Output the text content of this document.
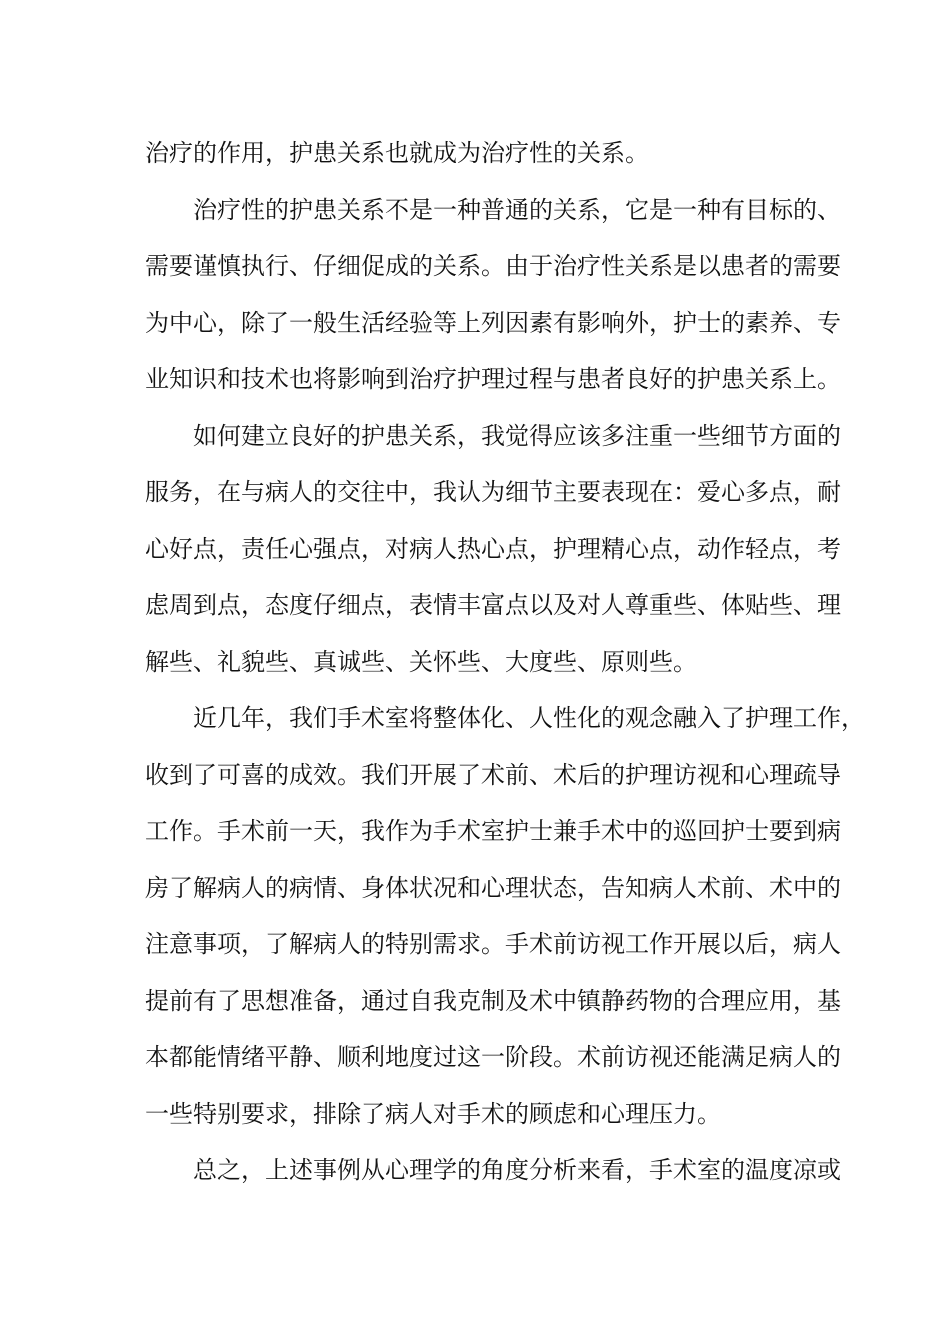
治疗的作用，护患关系也就成为治疗性的关系。
治疗性的护患关系不是一种普通的关系，它是一种有目标的、
需要谨慎执行、仔细促成的关系。由于治疗性关系是以患者的需要
为中心，除了一般生活经验等上列因素有影响外，护士的素养、专
业知识和技术也将影响到治疗护理过程与患者良好的护患关系上。
如何建立良好的护患关系，我觉得应该多注重一些细节方面的
服务，在与病人的交往中，我认为细节主要表现在：爱心多点，耐
心好点，责任心强点，对病人热心点，护理精心点，动作轻点，考
虑周到点，态度仔细点，表情丰富点以及对人尊重些、体贴些、理
解些、礼貌些、真诚些、关怀些、大度些、原则些。
近几年，我们手术室将整体化、人性化的观念融入了护理工作，
收到了可喜的成效。我们开展了术前、术后的护理访视和心理疏导
工作。手术前一天，我作为手术室护士兼手术中的巡回护士要到病
房了解病人的病情、身体状况和心理状态，告知病人术前、术中的
注意事项，了解病人的特别需求。手术前访视工作开展以后，病人
提前有了思想准备，通过自我克制及术中镇静药物的合理应用，基
本都能情绪平静、顺利地度过这一阶段。术前访视还能满足病人的
一些特别要求，排除了病人对手术的顾虑和心理压力。
总之，上述事例从心理学的角度分析来看，手术室的温度凉或
